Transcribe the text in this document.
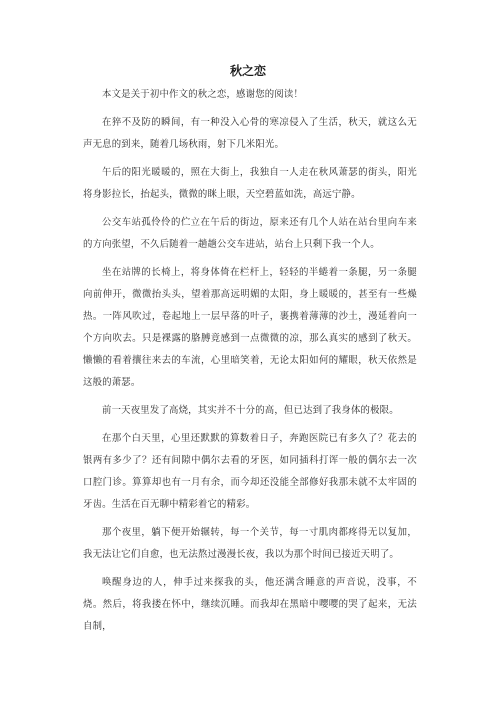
秋之恋

本文是关于初中作文的秋之恋，感谢您的阅读！

在猝不及防的瞬间，有一种没入心骨的寒凉侵入了生活，秋天，就这么无声无息的到来，随着几场秋雨，射下几米阳光。

午后的阳光暖暖的，照在大街上，我独自一人走在秋风萧瑟的街头，阳光将身影拉长，抬起头，微微的眯上眼，天空碧蓝如洗，高远宁静。

公交车站孤伶伶的伫立在午后的街边，原来还有几个人站在站台里向车来的方向张望，不久后随着一趟趟公交车进站，站台上只剩下我一个人。

坐在站牌的长椅上，将身体倚在栏杆上，轻轻的半蜷着一条腿，另一条腿向前伸开，微微抬头头，望着那高远明媚的太阳，身上暖暖的，甚至有一些燥热。一阵风吹过，卷起地上一层早落的叶子，裹携着薄薄的沙土，漫延着向一个方向吹去。只是裸露的胳膊竟感到一点微微的凉，那么真实的感到了秋天。懒懒的看着攘往来去的车流，心里暗笑着，无论太阳如何的耀眼，秋天依然是这般的萧瑟。

前一天夜里发了高烧，其实并不十分的高，但已达到了我身体的极限。

在那个白天里，心里还默默的算数着日子，奔跑医院已有多久了？花去的银两有多少了？还有间隙中偶尔去看的牙医，如同插科打诨一般的偶尔去一次口腔门诊。算算却也有一月有余，而今却还没能全部修好我那未就不太牢固的牙齿。生活在百无聊中精彩着它的精彩。

那个夜里，躺下便开始辗转，每一个关节，每一寸肌肉都疼得无以复加，我无法让它们自愈，也无法熬过漫漫长夜，我以为那个时间已接近天明了。

唤醒身边的人，伸手过来探我的头，他还满含睡意的声音说，没事，不烧。然后，将我搂在怀中，继续沉睡。而我却在黑暗中嘤嘤的哭了起来，无法自制，
